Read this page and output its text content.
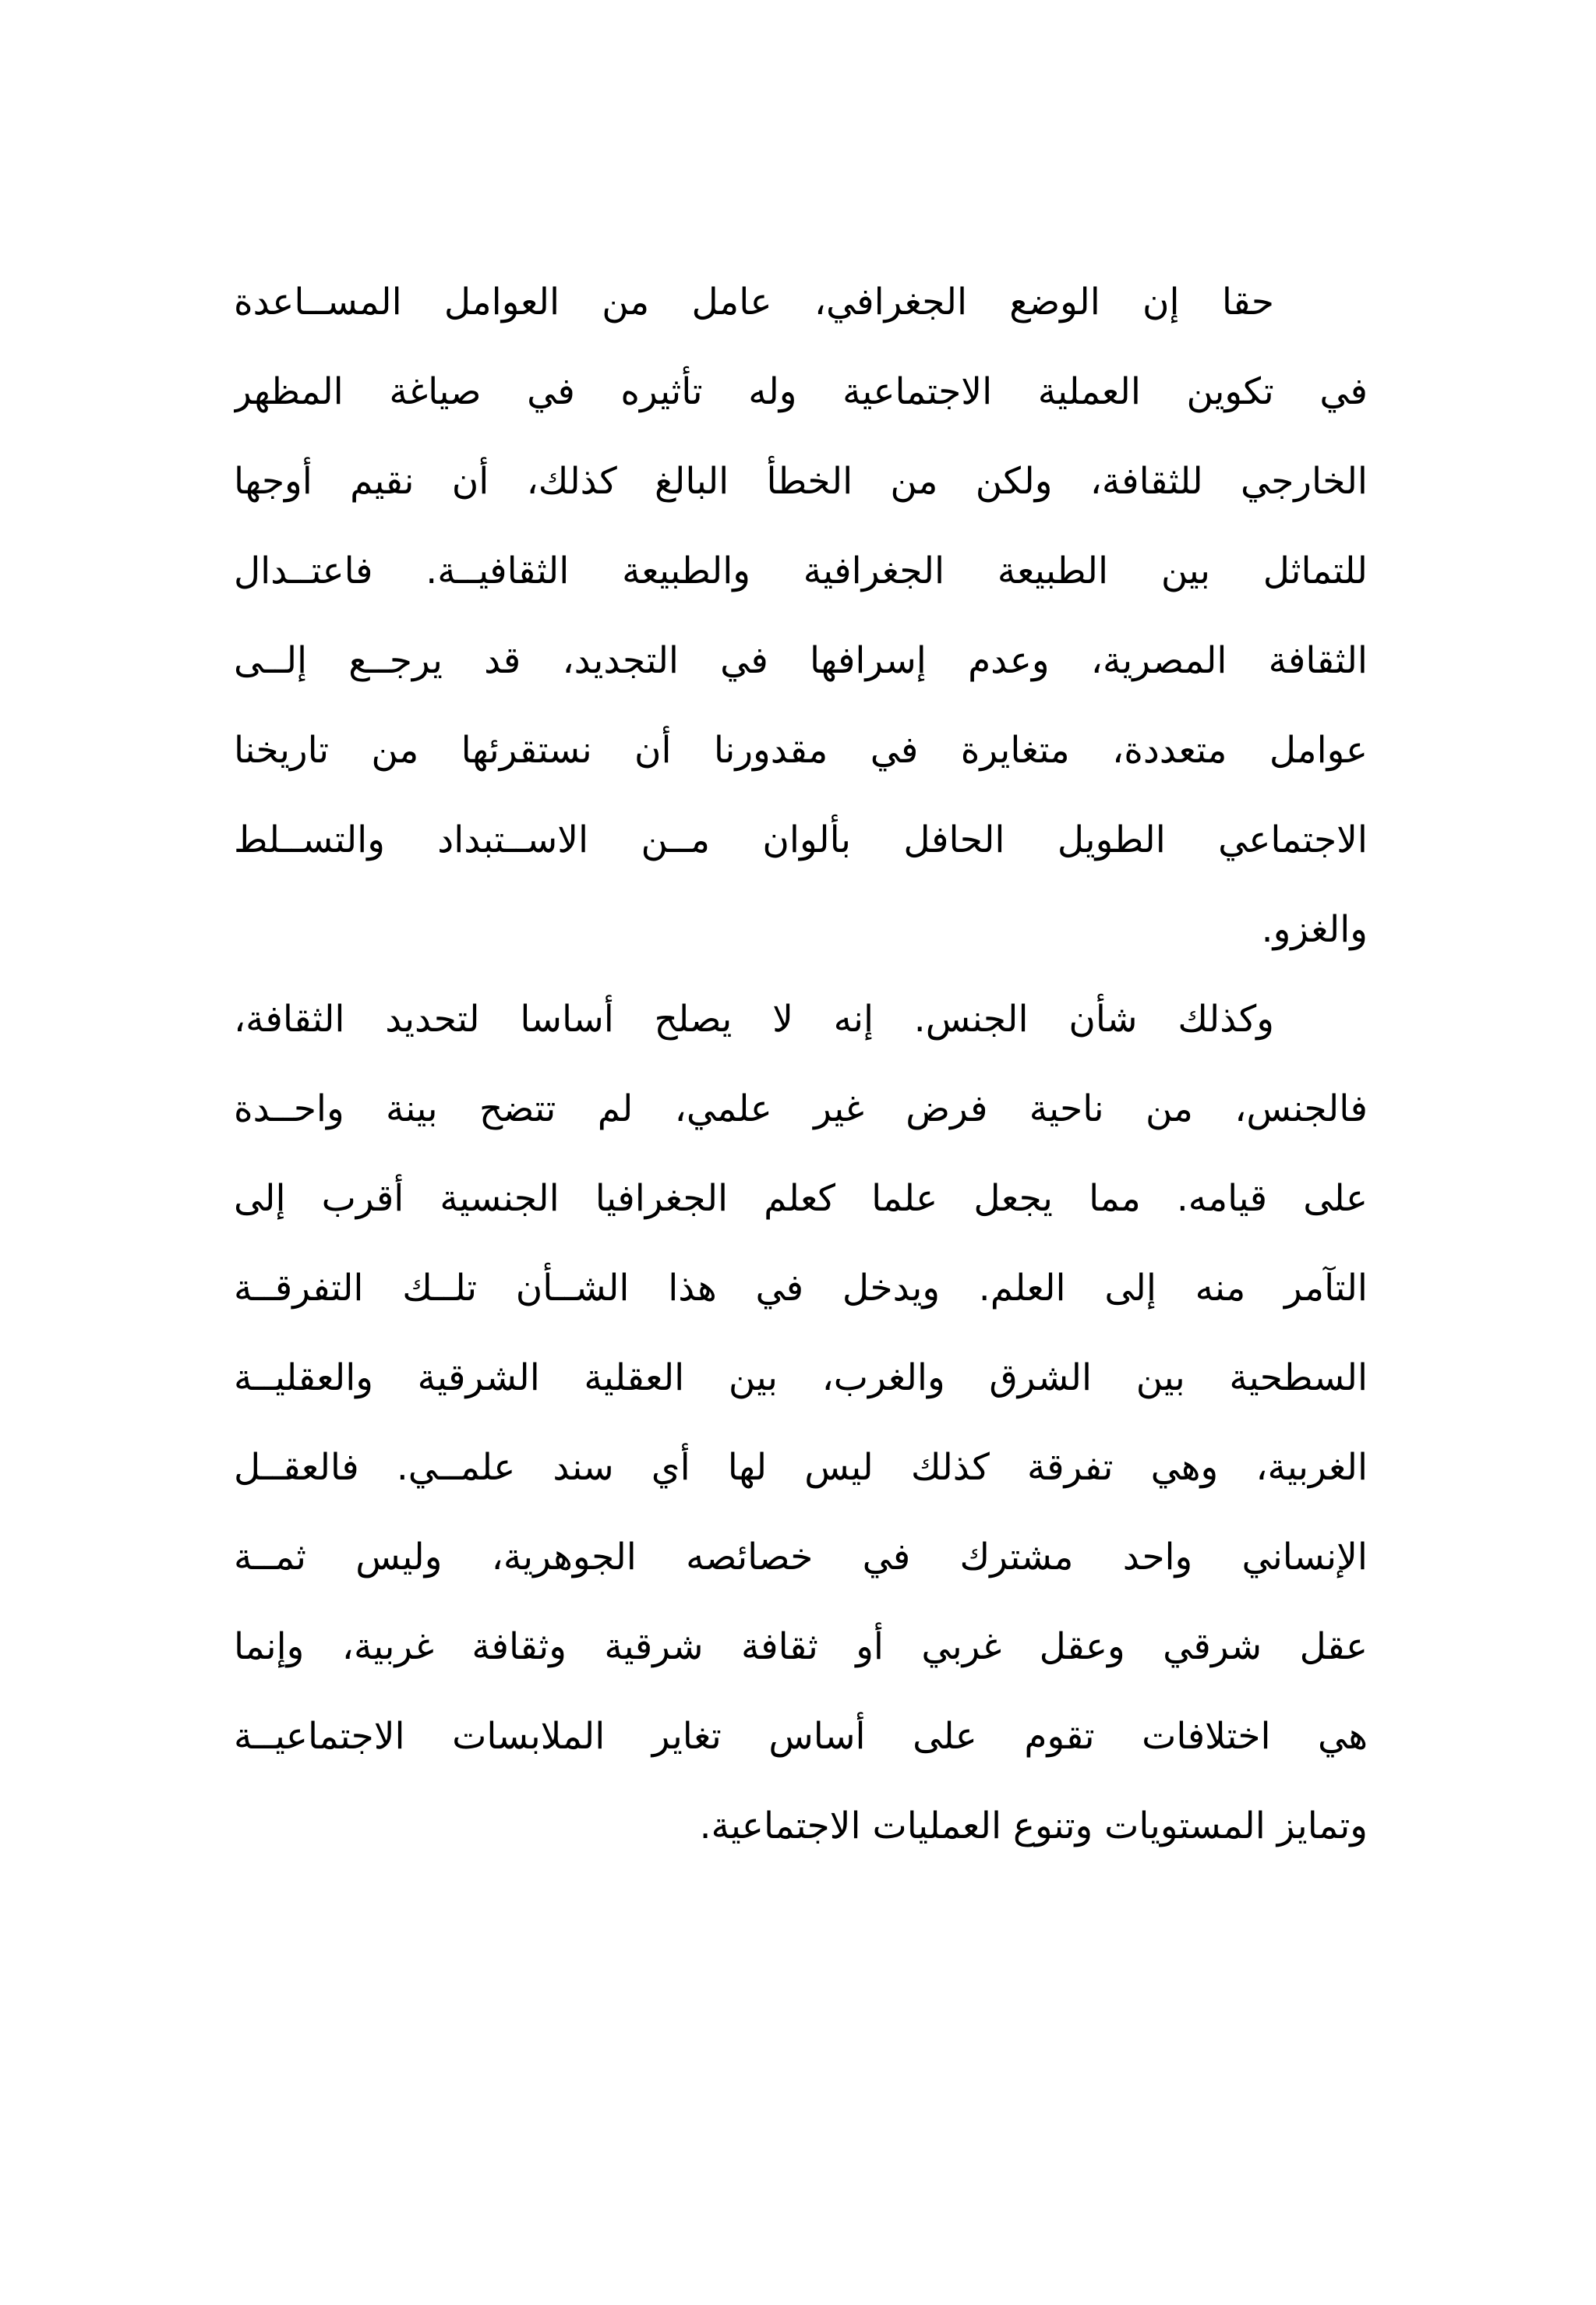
حقا إن الوضع الجغرافي، عامل من العوامل المســاعدة
في تكوين العملية الاجتماعية وله تأثيره في صياغة المظهر
الخارجي للثقافة، ولكن من الخطأ البالغ كذلك، أن نقيم أوجها
للتماثل بين الطبيعة الجغرافية والطبيعة الثقافيــة. فاعتــدال
الثقافة المصرية، وعدم إسرافها في التجديد، قد يرجــع إلــى
عوامل متعددة، متغايرة في مقدورنا أن نستقرئها من تاريخنا
الاجتماعي الطويل الحافل بألوان مــن الاســتبداد والتســلط
والغزو.
وكذلك شأن الجنس. إنه لا يصلح أساسا لتحديد الثقافة،
فالجنس، من ناحية فرض غير علمي، لم تتضح بينة واحــدة
على قيامه. مما يجعل علما كعلم الجغرافيا الجنسية أقرب إلى
التآمر منه إلى العلم. ويدخل في هذا الشــأن تلــك التفرقــة
السطحية بين الشرق والغرب، بين العقلية الشرقية والعقليــة
الغربية، وهي تفرقة كذلك ليس لها أي سند علمــي. فالعقــل
الإنساني واحد مشترك في خصائصه الجوهرية، وليس ثمــة
عقل شرقي وعقل غربي أو ثقافة شرقية وثقافة غربية، وإنما
هي اختلافات تقوم على أساس تغاير الملابسات الاجتماعيــة
وتمايز المستويات وتنوع العمليات الاجتماعية.
